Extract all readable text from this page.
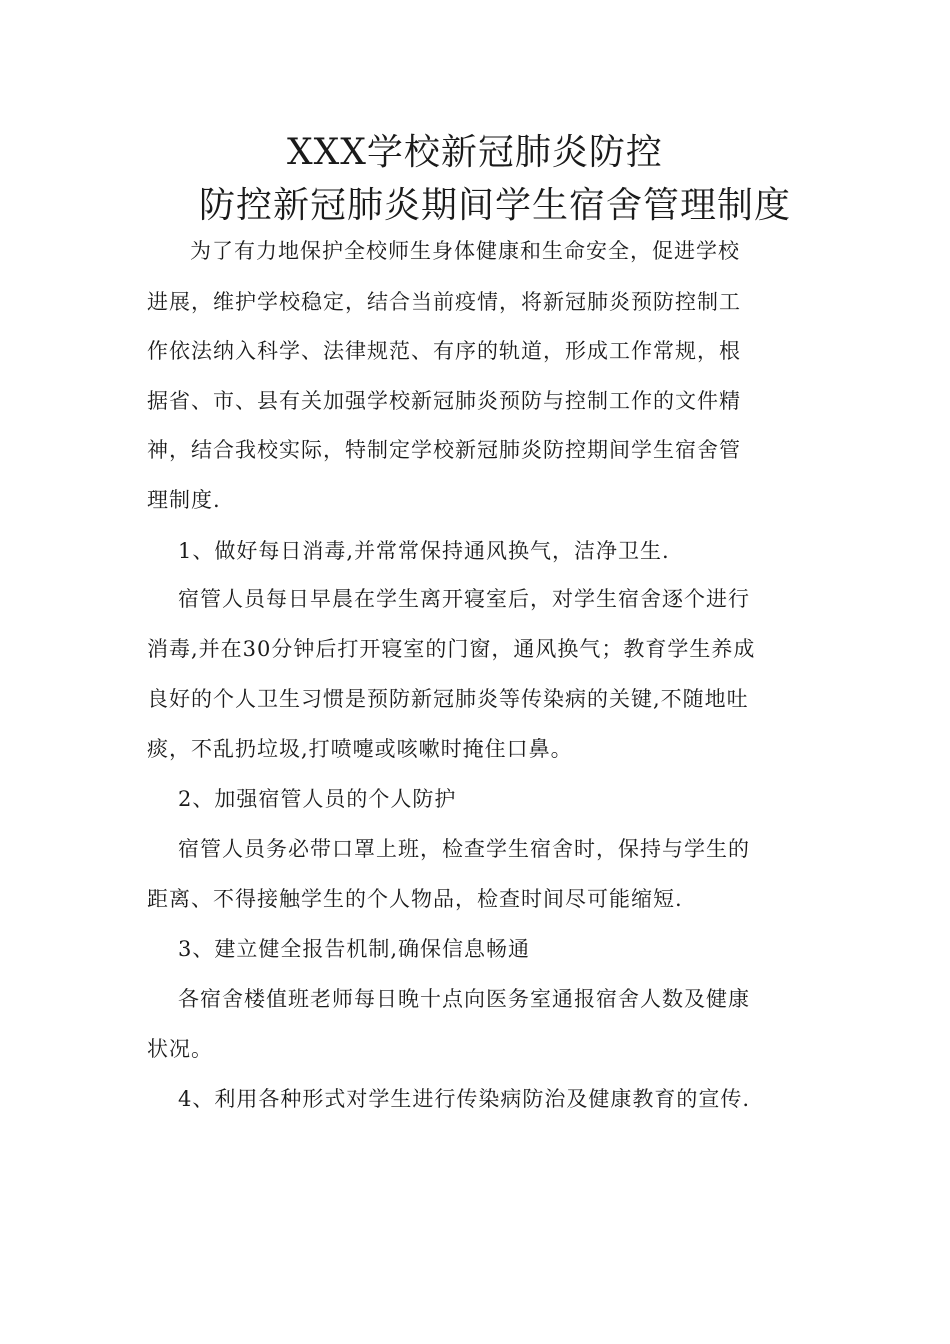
XXX学校新冠肺炎防控
防控新冠肺炎期间学生宿舍管理制度
为了有力地保护全校师生身体健康和生命安全，促进学校
进展，维护学校稳定，结合当前疫情，将新冠肺炎预防控制工
作依法纳入科学、法律规范、有序的轨道，形成工作常规，根
据省、市、县有关加强学校新冠肺炎预防与控制工作的文件精
神，结合我校实际，特制定学校新冠肺炎防控期间学生宿舍管
理制度.
1、做好每日消毒,并常常保持通风换气，洁净卫生.
宿管人员每日早晨在学生离开寝室后，对学生宿舍逐个进行
消毒,并在30分钟后打开寝室的门窗，通风换气；教育学生养成
良好的个人卫生习惯是预防新冠肺炎等传染病的关键,不随地吐
痰，不乱扔垃圾,打喷嚏或咳嗽时掩住口鼻。
2、加强宿管人员的个人防护
宿管人员务必带口罩上班，检查学生宿舍时，保持与学生的
距离、不得接触学生的个人物品，检查时间尽可能缩短.
3、建立健全报告机制,确保信息畅通
各宿舍楼值班老师每日晚十点向医务室通报宿舍人数及健康
状况。
4、利用各种形式对学生进行传染病防治及健康教育的宣传.
